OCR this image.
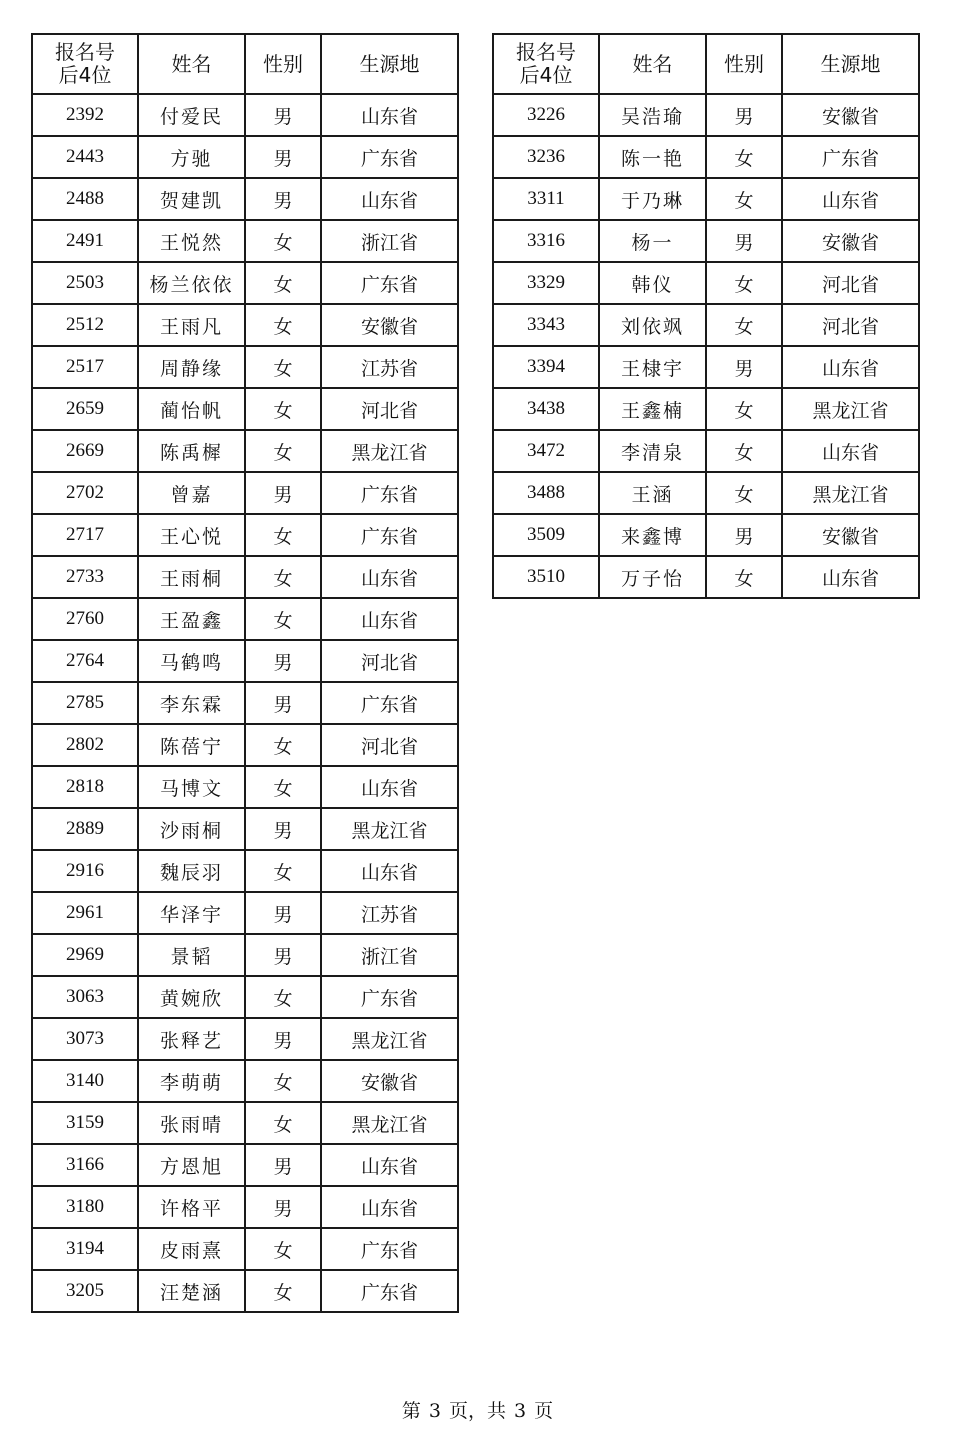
报名号
后4位	姓名	性别	生源地
2392	付爱民	男	山东省
2443	方驰	男	广东省
2488	贺建凯	男	山东省
2491	王悦然	女	浙江省
2503	杨兰依依	女	广东省
2512	王雨凡	女	安徽省
2517	周静缘	女	江苏省
2659	蔺怡帆	女	河北省
2669	陈禹樨	女	黑龙江省
2702	曾嘉	男	广东省
2717	王心悦	女	广东省
2733	王雨桐	女	山东省
2760	王盈鑫	女	山东省
2764	马鹤鸣	男	河北省
2785	李东霖	男	广东省
2802	陈蓓宁	女	河北省
2818	马博文	女	山东省
2889	沙雨桐	男	黑龙江省
2916	魏辰羽	女	山东省
2961	华泽宇	男	江苏省
2969	景韬	男	浙江省
3063	黄婉欣	女	广东省
3073	张释艺	男	黑龙江省
3140	李萌萌	女	安徽省
3159	张雨晴	女	黑龙江省
3166	方恩旭	男	山东省
3180	许格平	男	山东省
3194	皮雨熹	女	广东省
3205	汪楚涵	女	广东省
报名号
后4位	姓名	性别	生源地
3226	吴浩瑜	男	安徽省
3236	陈一艳	女	广东省
3311	于乃琳	女	山东省
3316	杨一	男	安徽省
3329	韩仪	女	河北省
3343	刘依飒	女	河北省
3394	王棣宇	男	山东省
3438	王鑫楠	女	黑龙江省
3472	李清泉	女	山东省
3488	王涵	女	黑龙江省
3509	来鑫博	男	安徽省
3510	万子怡	女	山东省
第 3 页，共 3 页
